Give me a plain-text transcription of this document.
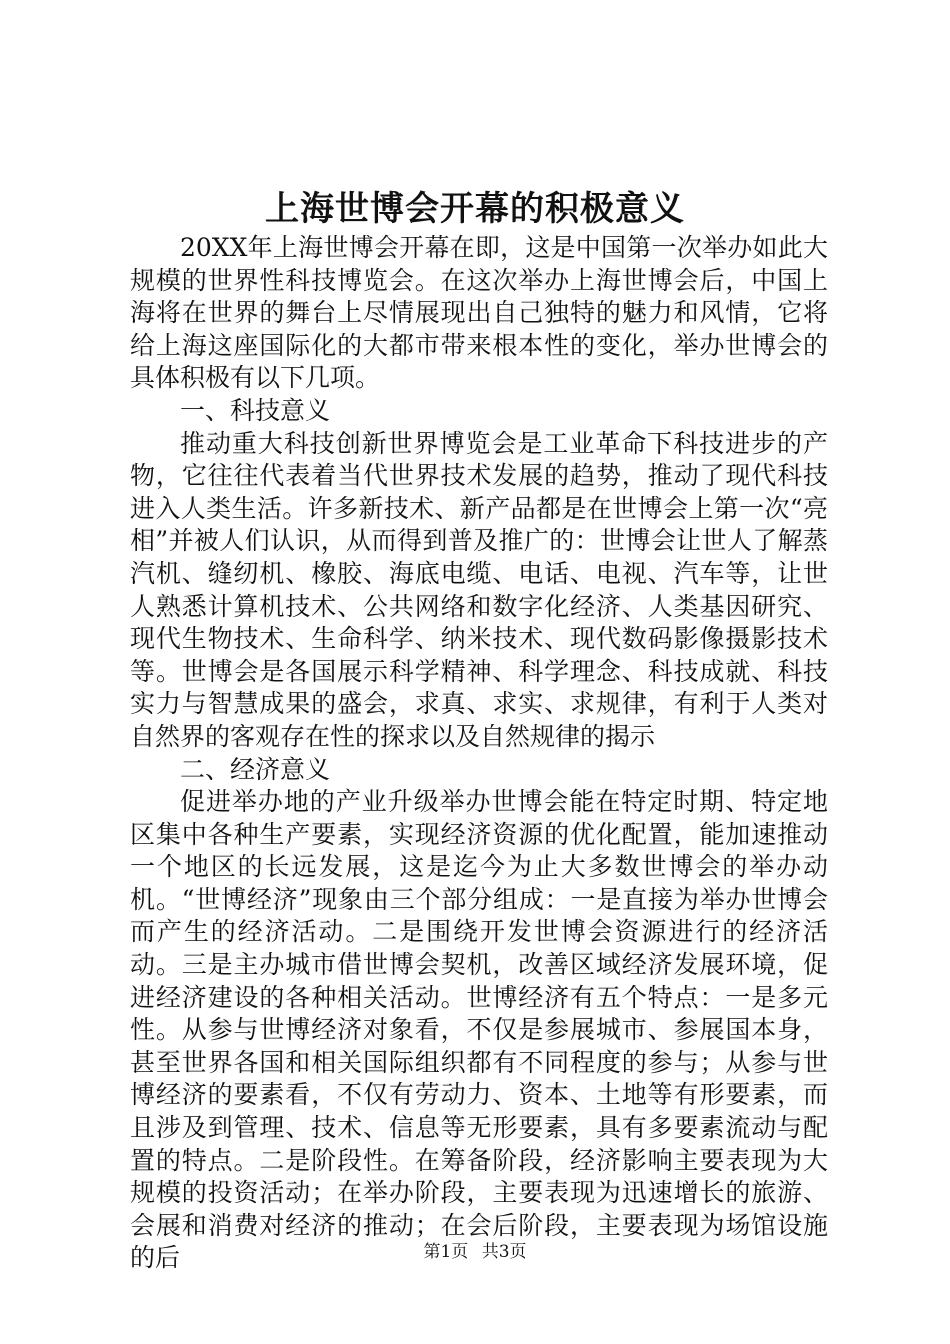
上海世博会开幕的积极意义

20XX年上海世博会开幕在即，这是中国第一次举办如此大规模的世界性科技博览会。在这次举办上海世博会后，中国上海将在世界的舞台上尽情展现出自己独特的魅力和风情，它将给上海这座国际化的大都市带来根本性的变化，举办世博会的具体积极有以下几项。

一、科技意义

推动重大科技创新世界博览会是工业革命下科技进步的产物，它往往代表着当代世界技术发展的趋势，推动了现代科技进入人类生活。许多新技术、新产品都是在世博会上第一次“亮相”并被人们认识，从而得到普及推广的：世博会让世人了解蒸汽机、缝纫机、橡胶、海底电缆、电话、电视、汽车等，让世人熟悉计算机技术、公共网络和数字化经济、人类基因研究、现代生物技术、生命科学、纳米技术、现代数码影像摄影技术等。世博会是各国展示科学精神、科学理念、科技成就、科技实力与智慧成果的盛会，求真、求实、求规律，有利于人类对自然界的客观存在性的探求以及自然规律的揭示

二、经济意义

促进举办地的产业升级举办世博会能在特定时期、特定地区集中各种生产要素，实现经济资源的优化配置，能加速推动一个地区的长远发展，这是迄今为止大多数世博会的举办动机。“世博经济”现象由三个部分组成：一是直接为举办世博会而产生的经济活动。二是围绕开发世博会资源进行的经济活动。三是主办城市借世博会契机，改善区域经济发展环境，促进经济建设的各种相关活动。世博经济有五个特点：一是多元性。从参与世博经济对象看，不仅是参展城市、参展国本身，甚至世界各国和相关国际组织都有不同程度的参与；从参与世博经济的要素看，不仅有劳动力、资本、土地等有形要素，而且涉及到管理、技术、信息等无形要素，具有多要素流动与配置的特点。二是阶段性。在筹备阶段，经济影响主要表现为大规模的投资活动；在举办阶段，主要表现为迅速增长的旅游、会展和消费对经济的推动；在会后阶段，主要表现为场馆设施的后	第1页 共3页
